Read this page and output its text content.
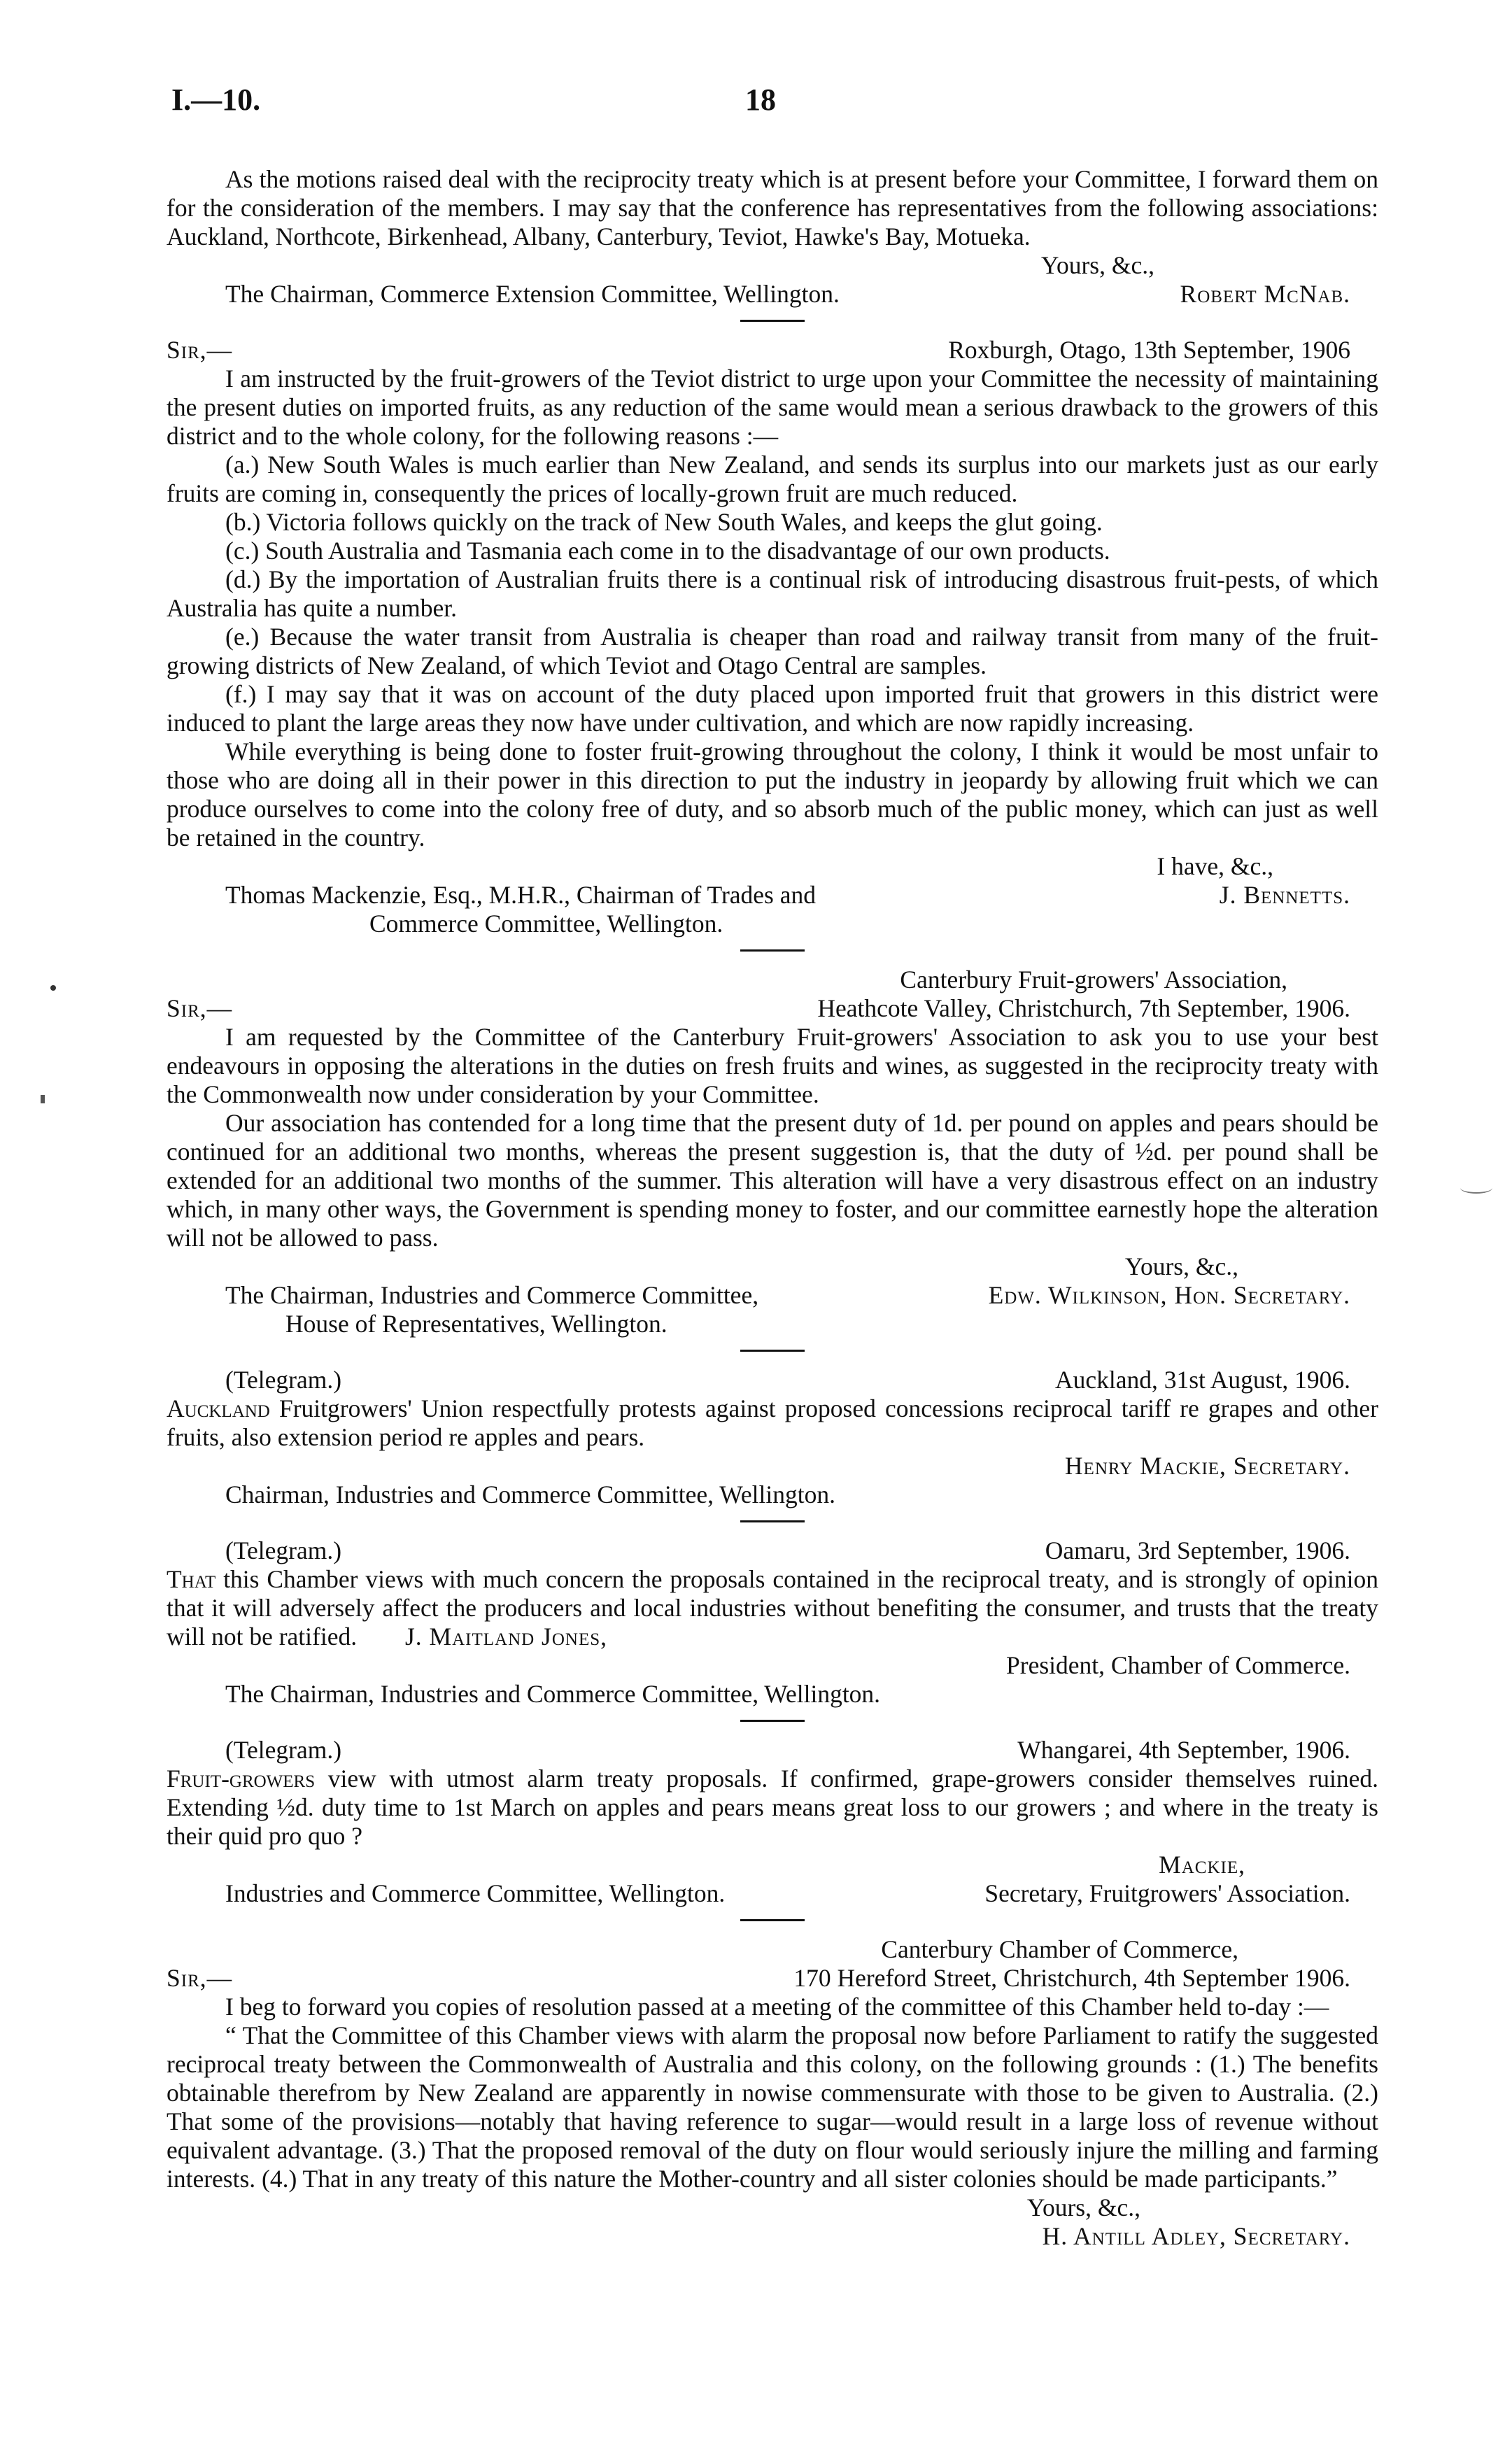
I.—10.	18

As the motions raised deal with the reciprocity treaty which is at present before your Committee, I forward them on for the consideration of the members. I may say that the conference has representatives from the following associations: Auckland, Northcote, Birkenhead, Albany, Canterbury, Teviot, Hawke's Bay, Motueka.

Yours, &c.,
The Chairman, Commerce Extension Committee, Wellington.	Robert McNab.
Sir,—	Roxburgh, Otago, 13th September, 1906

I am instructed by the fruit-growers of the Teviot district to urge upon your Committee the necessity of maintaining the present duties on imported fruits, as any reduction of the same would mean a serious drawback to the growers of this district and to the whole colony, for the following reasons :—

(a.) New South Wales is much earlier than New Zealand, and sends its surplus into our markets just as our early fruits are coming in, consequently the prices of locally-grown fruit are much reduced.

(b.) Victoria follows quickly on the track of New South Wales, and keeps the glut going.

(c.) South Australia and Tasmania each come in to the disadvantage of our own products.

(d.) By the importation of Australian fruits there is a continual risk of introducing disastrous fruit-pests, of which Australia has quite a number.

(e.) Because the water transit from Australia is cheaper than road and railway transit from many of the fruit-growing districts of New Zealand, of which Teviot and Otago Central are samples.

(f.) I may say that it was on account of the duty placed upon imported fruit that growers in this district were induced to plant the large areas they now have under cultivation, and which are now rapidly increasing.

While everything is being done to foster fruit-growing throughout the colony, I think it would be most unfair to those who are doing all in their power in this direction to put the industry in jeopardy by allowing fruit which we can produce ourselves to come into the colony free of duty, and so absorb much of the public money, which can just as well be retained in the country.

I have, &c.,
Thomas Mackenzie, Esq., M.H.R., Chairman of Trades and	J. Bennetts.
Commerce Committee, Wellington.
Canterbury Fruit-growers' Association,
Sir,—	Heathcote Valley, Christchurch, 7th September, 1906.

I am requested by the Committee of the Canterbury Fruit-growers' Association to ask you to use your best endeavours in opposing the alterations in the duties on fresh fruits and wines, as suggested in the reciprocity treaty with the Commonwealth now under consideration by your Committee.

Our association has contended for a long time that the present duty of 1d. per pound on apples and pears should be continued for an additional two months, whereas the present suggestion is, that the duty of ½d. per pound shall be extended for an additional two months of the summer. This alteration will have a very disastrous effect on an industry which, in many other ways, the Government is spending money to foster, and our committee earnestly hope the alteration will not be allowed to pass.

Yours, &c.,
The Chairman, Industries and Commerce Committee,	Edw. Wilkinson, Hon. Secretary.
House of Representatives, Wellington.
(Telegram.)	Auckland, 31st August, 1906.

Auckland Fruitgrowers' Union respectfully protests against proposed concessions reciprocal tariff re grapes and other fruits, also extension period re apples and pears.

Henry Mackie, Secretary.
Chairman, Industries and Commerce Committee, Wellington.
(Telegram.)	Oamaru, 3rd September, 1906.

That this Chamber views with much concern the proposals contained in the reciprocal treaty, and is strongly of opinion that it will adversely affect the producers and local industries without benefiting the consumer, and trusts that the treaty will not be ratified. J. Maitland Jones,

President, Chamber of Commerce.
The Chairman, Industries and Commerce Committee, Wellington.
(Telegram.)	Whangarei, 4th September, 1906.

Fruit-growers view with utmost alarm treaty proposals. If confirmed, grape-growers consider themselves ruined. Extending ½d. duty time to 1st March on apples and pears means great loss to our growers ; and where in the treaty is their quid pro quo ?

Mackie,
Industries and Commerce Committee, Wellington.	Secretary, Fruitgrowers' Association.
Canterbury Chamber of Commerce,
Sir,—	170 Hereford Street, Christchurch, 4th September 1906.

I beg to forward you copies of resolution passed at a meeting of the committee of this Chamber held to-day :—

“ That the Committee of this Chamber views with alarm the proposal now before Parliament to ratify the suggested reciprocal treaty between the Commonwealth of Australia and this colony, on the following grounds : (1.) The benefits obtainable therefrom by New Zealand are apparently in nowise commensurate with those to be given to Australia. (2.) That some of the provisions—notably that having reference to sugar—would result in a large loss of revenue without equivalent advantage. (3.) That the proposed removal of the duty on flour would seriously injure the milling and farming interests. (4.) That in any treaty of this nature the Mother-country and all sister colonies should be made participants.”

Yours, &c.,
H. Antill Adley, Secretary.
